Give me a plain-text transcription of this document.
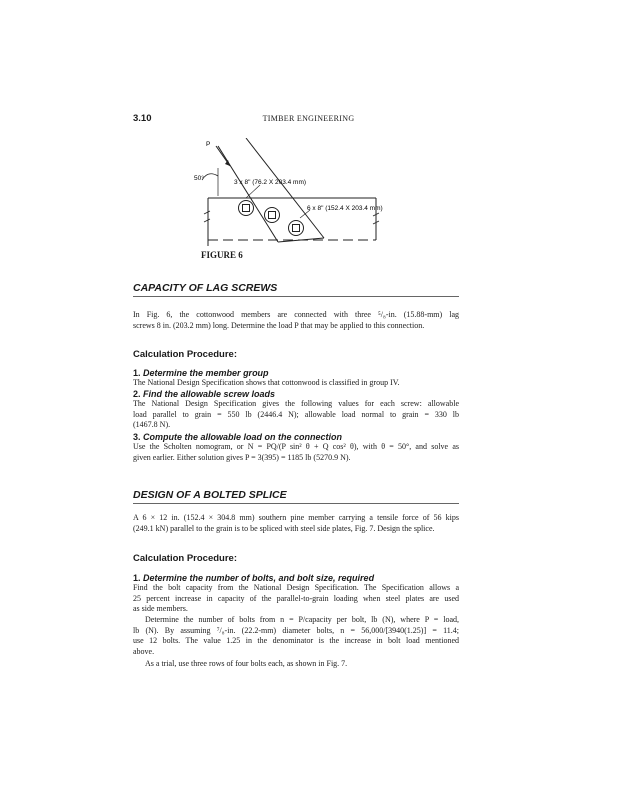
3.10	TIMBER ENGINEERING
P
50°
3 x 8" (76.2 X 203.4 mm)
6 x 8" (152.4 X 203.4 mm)
FIGURE 6
CAPACITY OF LAG SCREWS
In Fig. 6, the cottonwood members are connected with three ⁵/₈-in. (15.88-mm) lag
screws 8 in. (203.2 mm) long. Determine the load P that may be applied to this connection.
Calculation Procedure:
1. Determine the member group
The National Design Specification shows that cottonwood is classified in group IV.
2. Find the allowable screw loads
The National Design Specification gives the following values for each screw: allowable
load parallel to grain = 550 lb (2446.4 N); allowable load normal to grain = 330 lb
(1467.8 N).
3. Compute the allowable load on the connection
Use the Scholten nomogram, or N = PQ/(P sin² θ + Q cos² θ), with θ = 50°, and solve as
given earlier. Either solution gives P = 3(395) = 1185 lb (5270.9 N).
DESIGN OF A BOLTED SPLICE
A 6 × 12 in. (152.4 × 304.8 mm) southern pine member carrying a tensile force of 56 kips
(249.1 kN) parallel to the grain is to be spliced with steel side plates, Fig. 7. Design the splice.
Calculation Procedure:
1. Determine the number of bolts, and bolt size, required
Find the bolt capacity from the National Design Specification. The Specification allows a
25 percent increase in capacity of the parallel-to-grain loading when steel plates are used
as side members.
Determine the number of bolts from n = P/capacity per bolt, lb (N), where P = load,
lb (N). By assuming ⁷/₈-in. (22.2-mm) diameter bolts, n = 56,000/[3940(1.25)] = 11.4;
use 12 bolts. The value 1.25 in the denominator is the increase in bolt load mentioned
above.
As a trial, use three rows of four bolts each, as shown in Fig. 7.
